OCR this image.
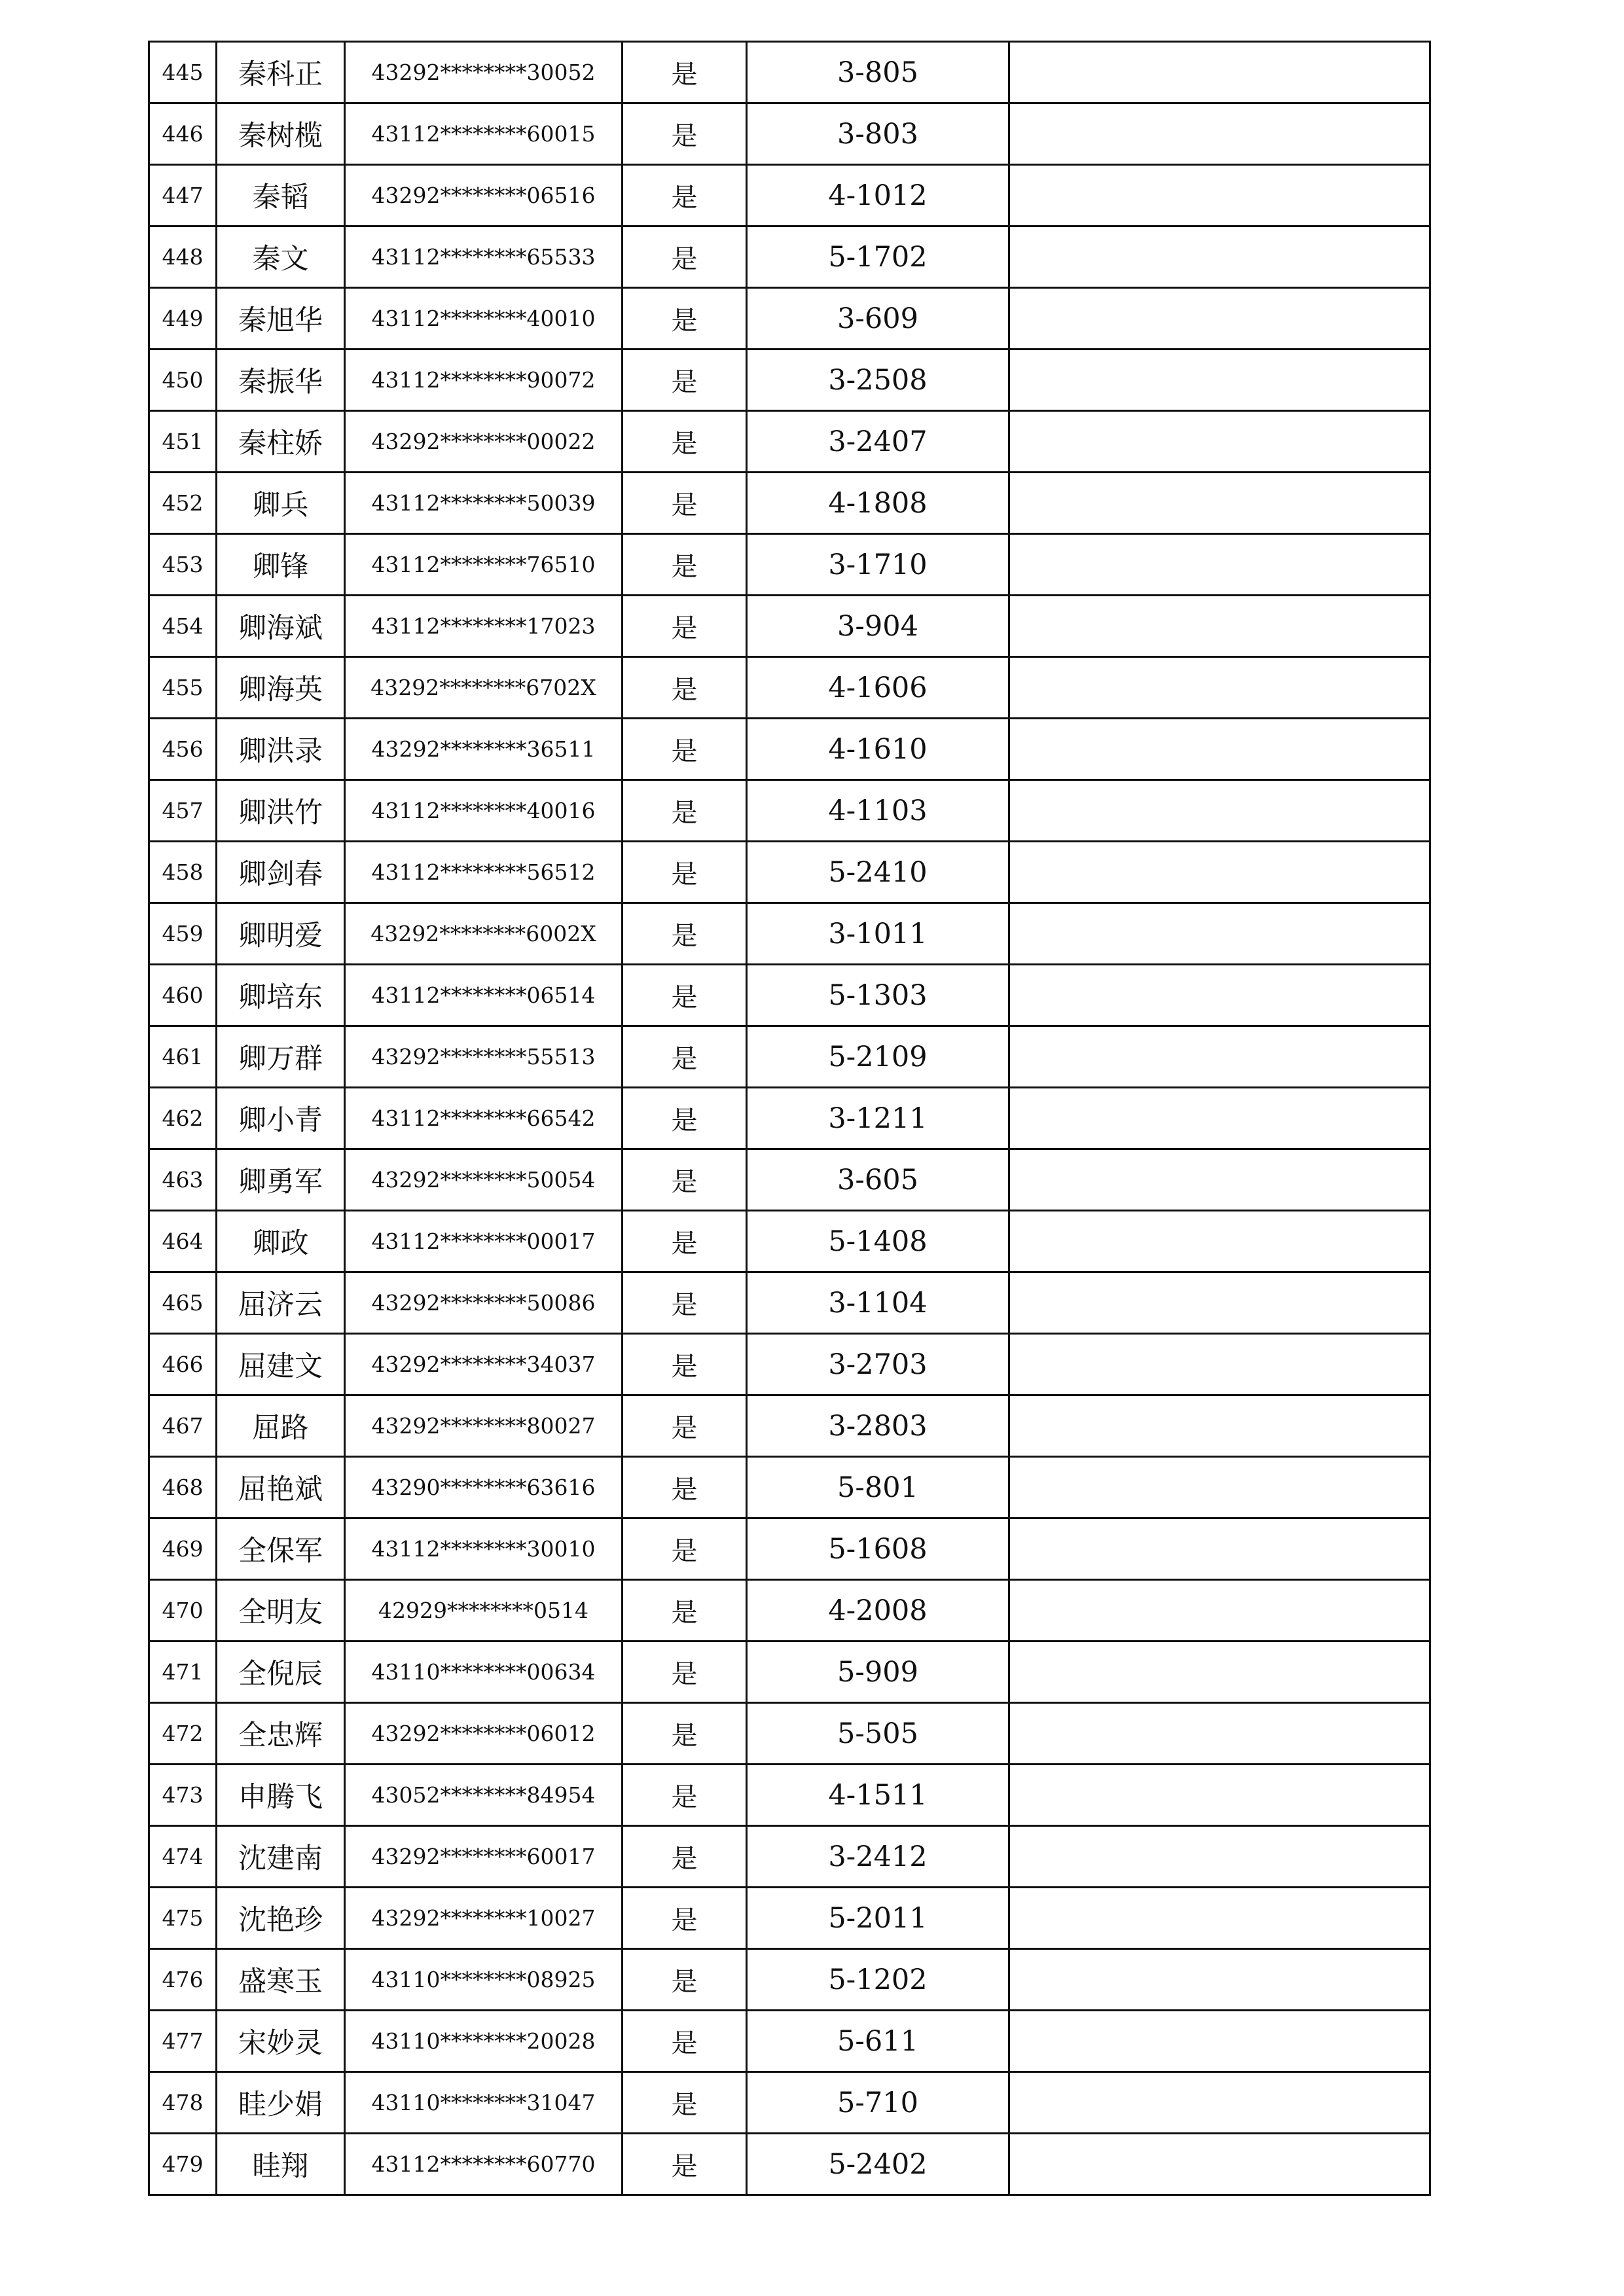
445	秦科正	43292********30052	是	3-805	
446	秦树榄	43112********60015	是	3-803	
447	秦韬	43292********06516	是	4-1012	
448	秦文	43112********65533	是	5-1702	
449	秦旭华	43112********40010	是	3-609	
450	秦振华	43112********90072	是	3-2508	
451	秦柱娇	43292********00022	是	3-2407	
452	卿兵	43112********50039	是	4-1808	
453	卿锋	43112********76510	是	3-1710	
454	卿海斌	43112********17023	是	3-904	
455	卿海英	43292********6702X	是	4-1606	
456	卿洪录	43292********36511	是	4-1610	
457	卿洪竹	43112********40016	是	4-1103	
458	卿剑春	43112********56512	是	5-2410	
459	卿明爱	43292********6002X	是	3-1011	
460	卿培东	43112********06514	是	5-1303	
461	卿万群	43292********55513	是	5-2109	
462	卿小青	43112********66542	是	3-1211	
463	卿勇军	43292********50054	是	3-605	
464	卿政	43112********00017	是	5-1408	
465	屈济云	43292********50086	是	3-1104	
466	屈建文	43292********34037	是	3-2703	
467	屈路	43292********80027	是	3-2803	
468	屈艳斌	43290********63616	是	5-801	
469	全保军	43112********30010	是	5-1608	
470	全明友	42929********0514	是	4-2008	
471	全倪辰	43110********00634	是	5-909	
472	全忠辉	43292********06012	是	5-505	
473	申腾飞	43052********84954	是	4-1511	
474	沈建南	43292********60017	是	3-2412	
475	沈艳珍	43292********10027	是	5-2011	
476	盛寒玉	43110********08925	是	5-1202	
477	宋妙灵	43110********20028	是	5-611	
478	眭少娟	43110********31047	是	5-710	
479	眭翔	43112********60770	是	5-2402	
